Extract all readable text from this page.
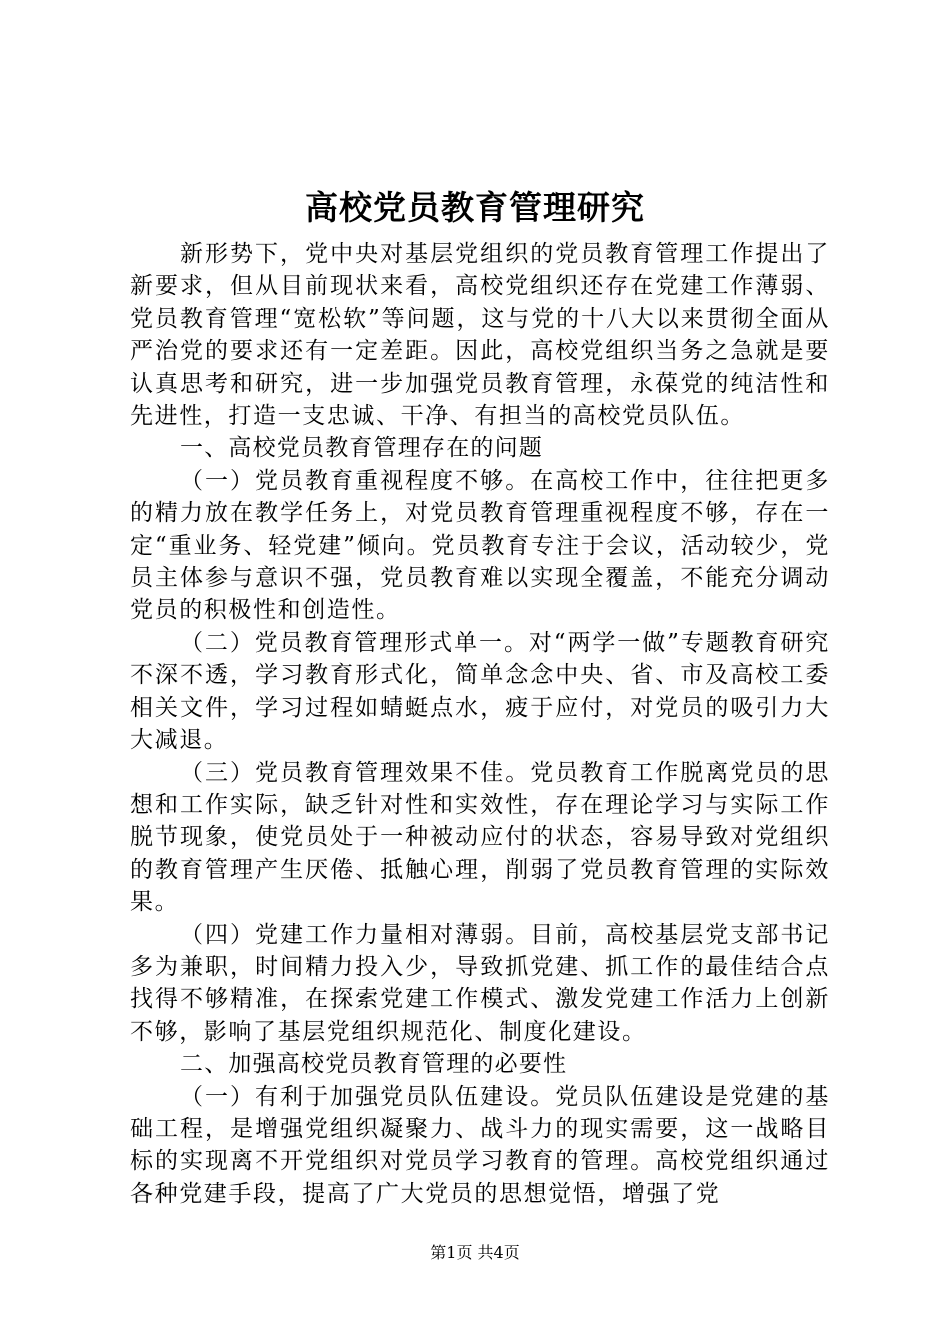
高校党员教育管理研究

新形势下，党中央对基层党组织的党员教育管理工作提出了新要求，但从目前现状来看，高校党组织还存在党建工作薄弱、党员教育管理“宽松软”等问题，这与党的十八大以来贯彻全面从严治党的要求还有一定差距。因此，高校党组织当务之急就是要认真思考和研究，进一步加强党员教育管理，永葆党的纯洁性和先进性，打造一支忠诚、干净、有担当的高校党员队伍。

一、高校党员教育管理存在的问题

（一）党员教育重视程度不够。在高校工作中，往往把更多的精力放在教学任务上，对党员教育管理重视程度不够，存在一定“重业务、轻党建”倾向。党员教育专注于会议，活动较少，党员主体参与意识不强，党员教育难以实现全覆盖，不能充分调动党员的积极性和创造性。

（二）党员教育管理形式单一。对“两学一做”专题教育研究不深不透，学习教育形式化，简单念念中央、省、市及高校工委相关文件，学习过程如蜻蜓点水，疲于应付，对党员的吸引力大大减退。

（三）党员教育管理效果不佳。党员教育工作脱离党员的思想和工作实际，缺乏针对性和实效性，存在理论学习与实际工作脱节现象，使党员处于一种被动应付的状态，容易导致对党组织的教育管理产生厌倦、抵触心理，削弱了党员教育管理的实际效果。

（四）党建工作力量相对薄弱。目前，高校基层党支部书记多为兼职，时间精力投入少，导致抓党建、抓工作的最佳结合点找得不够精准，在探索党建工作模式、激发党建工作活力上创新不够，影响了基层党组织规范化、制度化建设。

二、加强高校党员教育管理的必要性

（一）有利于加强党员队伍建设。党员队伍建设是党建的基础工程，是增强党组织凝聚力、战斗力的现实需要，这一战略目标的实现离不开党组织对党员学习教育的管理。高校党组织通过各种党建手段，提高了广大党员的思想觉悟，增强了党

第1页 共4页
